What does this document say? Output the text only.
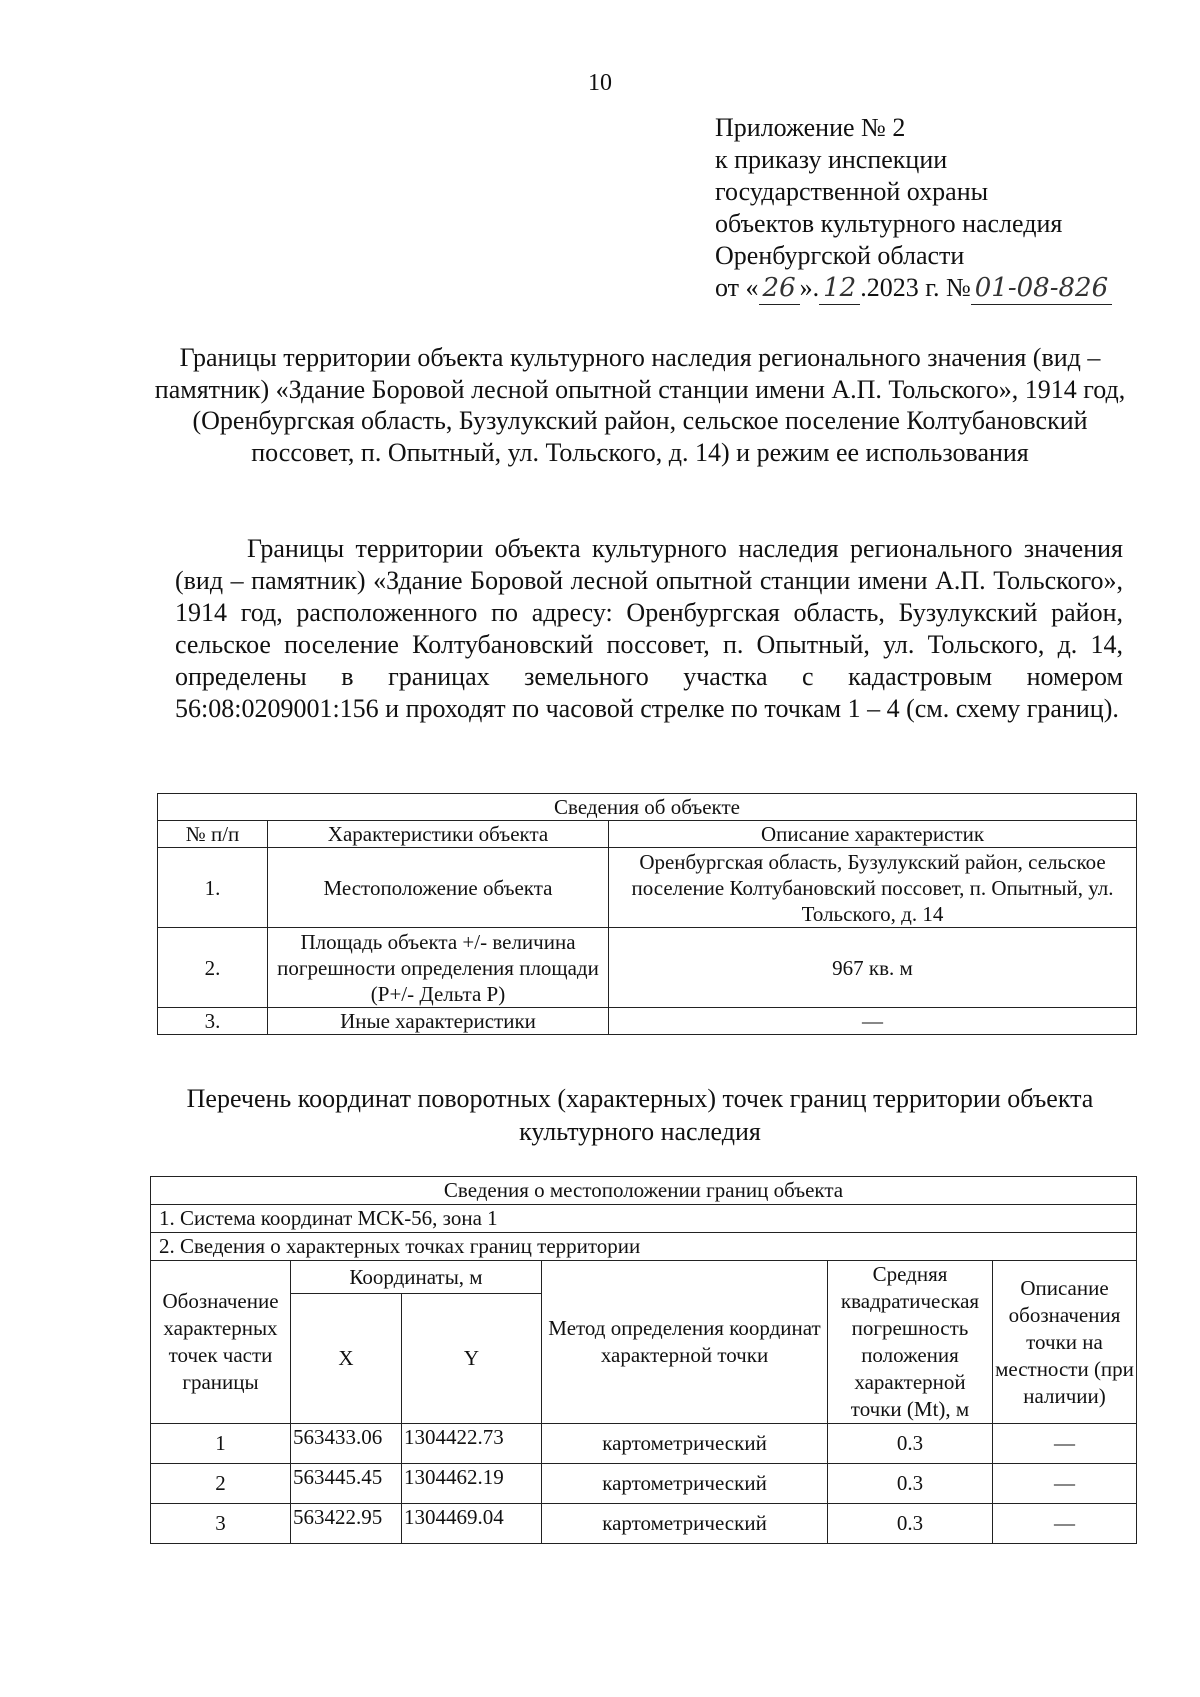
10
Приложение № 2
к приказу инспекции
государственной охраны
объектов культурного наследия
Оренбургской области
от « 26 ». 12 .2023 г. № 01-08-826
Границы территории объекта культурного наследия регионального значения (вид – памятник) «Здание Боровой лесной опытной станции имени А.П. Тольского», 1914 год, (Оренбургская область, Бузулукский район, сельское поселение Колтубановский поссовет, п. Опытный, ул. Тольского, д. 14) и режим ее использования
Границы территории объекта культурного наследия регионального значения (вид – памятник) «Здание Боровой лесной опытной станции имени А.П. Тольского», 1914 год, расположенного по адресу: Оренбургская область, Бузулукский район, сельское поселение Колтубановский поссовет, п. Опытный, ул. Тольского, д. 14, определены в границах земельного участка с кадастровым номером 56:08:0209001:156 и проходят по часовой стрелке по точкам 1 – 4 (см. схему границ).
Сведения об объекте		
№ п/п	Характеристики объекта	Описание характеристик
1.	Местоположение объекта	Оренбургская область, Бузулукский район, сельское поселение Колтубановский поссовет, п. Опытный, ул. Тольского, д. 14
2.	Площадь объекта +/- величина погрешности определения площади (Р+/- Дельта Р)	967 кв. м
3.	Иные характеристики	—
Перечень координат поворотных (характерных) точек границ территории объекта культурного наследия
Сведения о местоположении границ объекта					
1. Система координат МСК-56, зона 1					
2. Сведения о характерных точках границ территории					
Обозначение характерных точек части границы	Координаты, м		Метод определения координат характерной точки	Средняя квадратическая погрешность положения характерной точки (Mt), м	Описание обозначения точки на местности (при наличии)
	X	Y			
1	563433.06	1304422.73	картометрический	0.3	—
2	563445.45	1304462.19	картометрический	0.3	—
3	563422.95	1304469.04	картометрический	0.3	—
